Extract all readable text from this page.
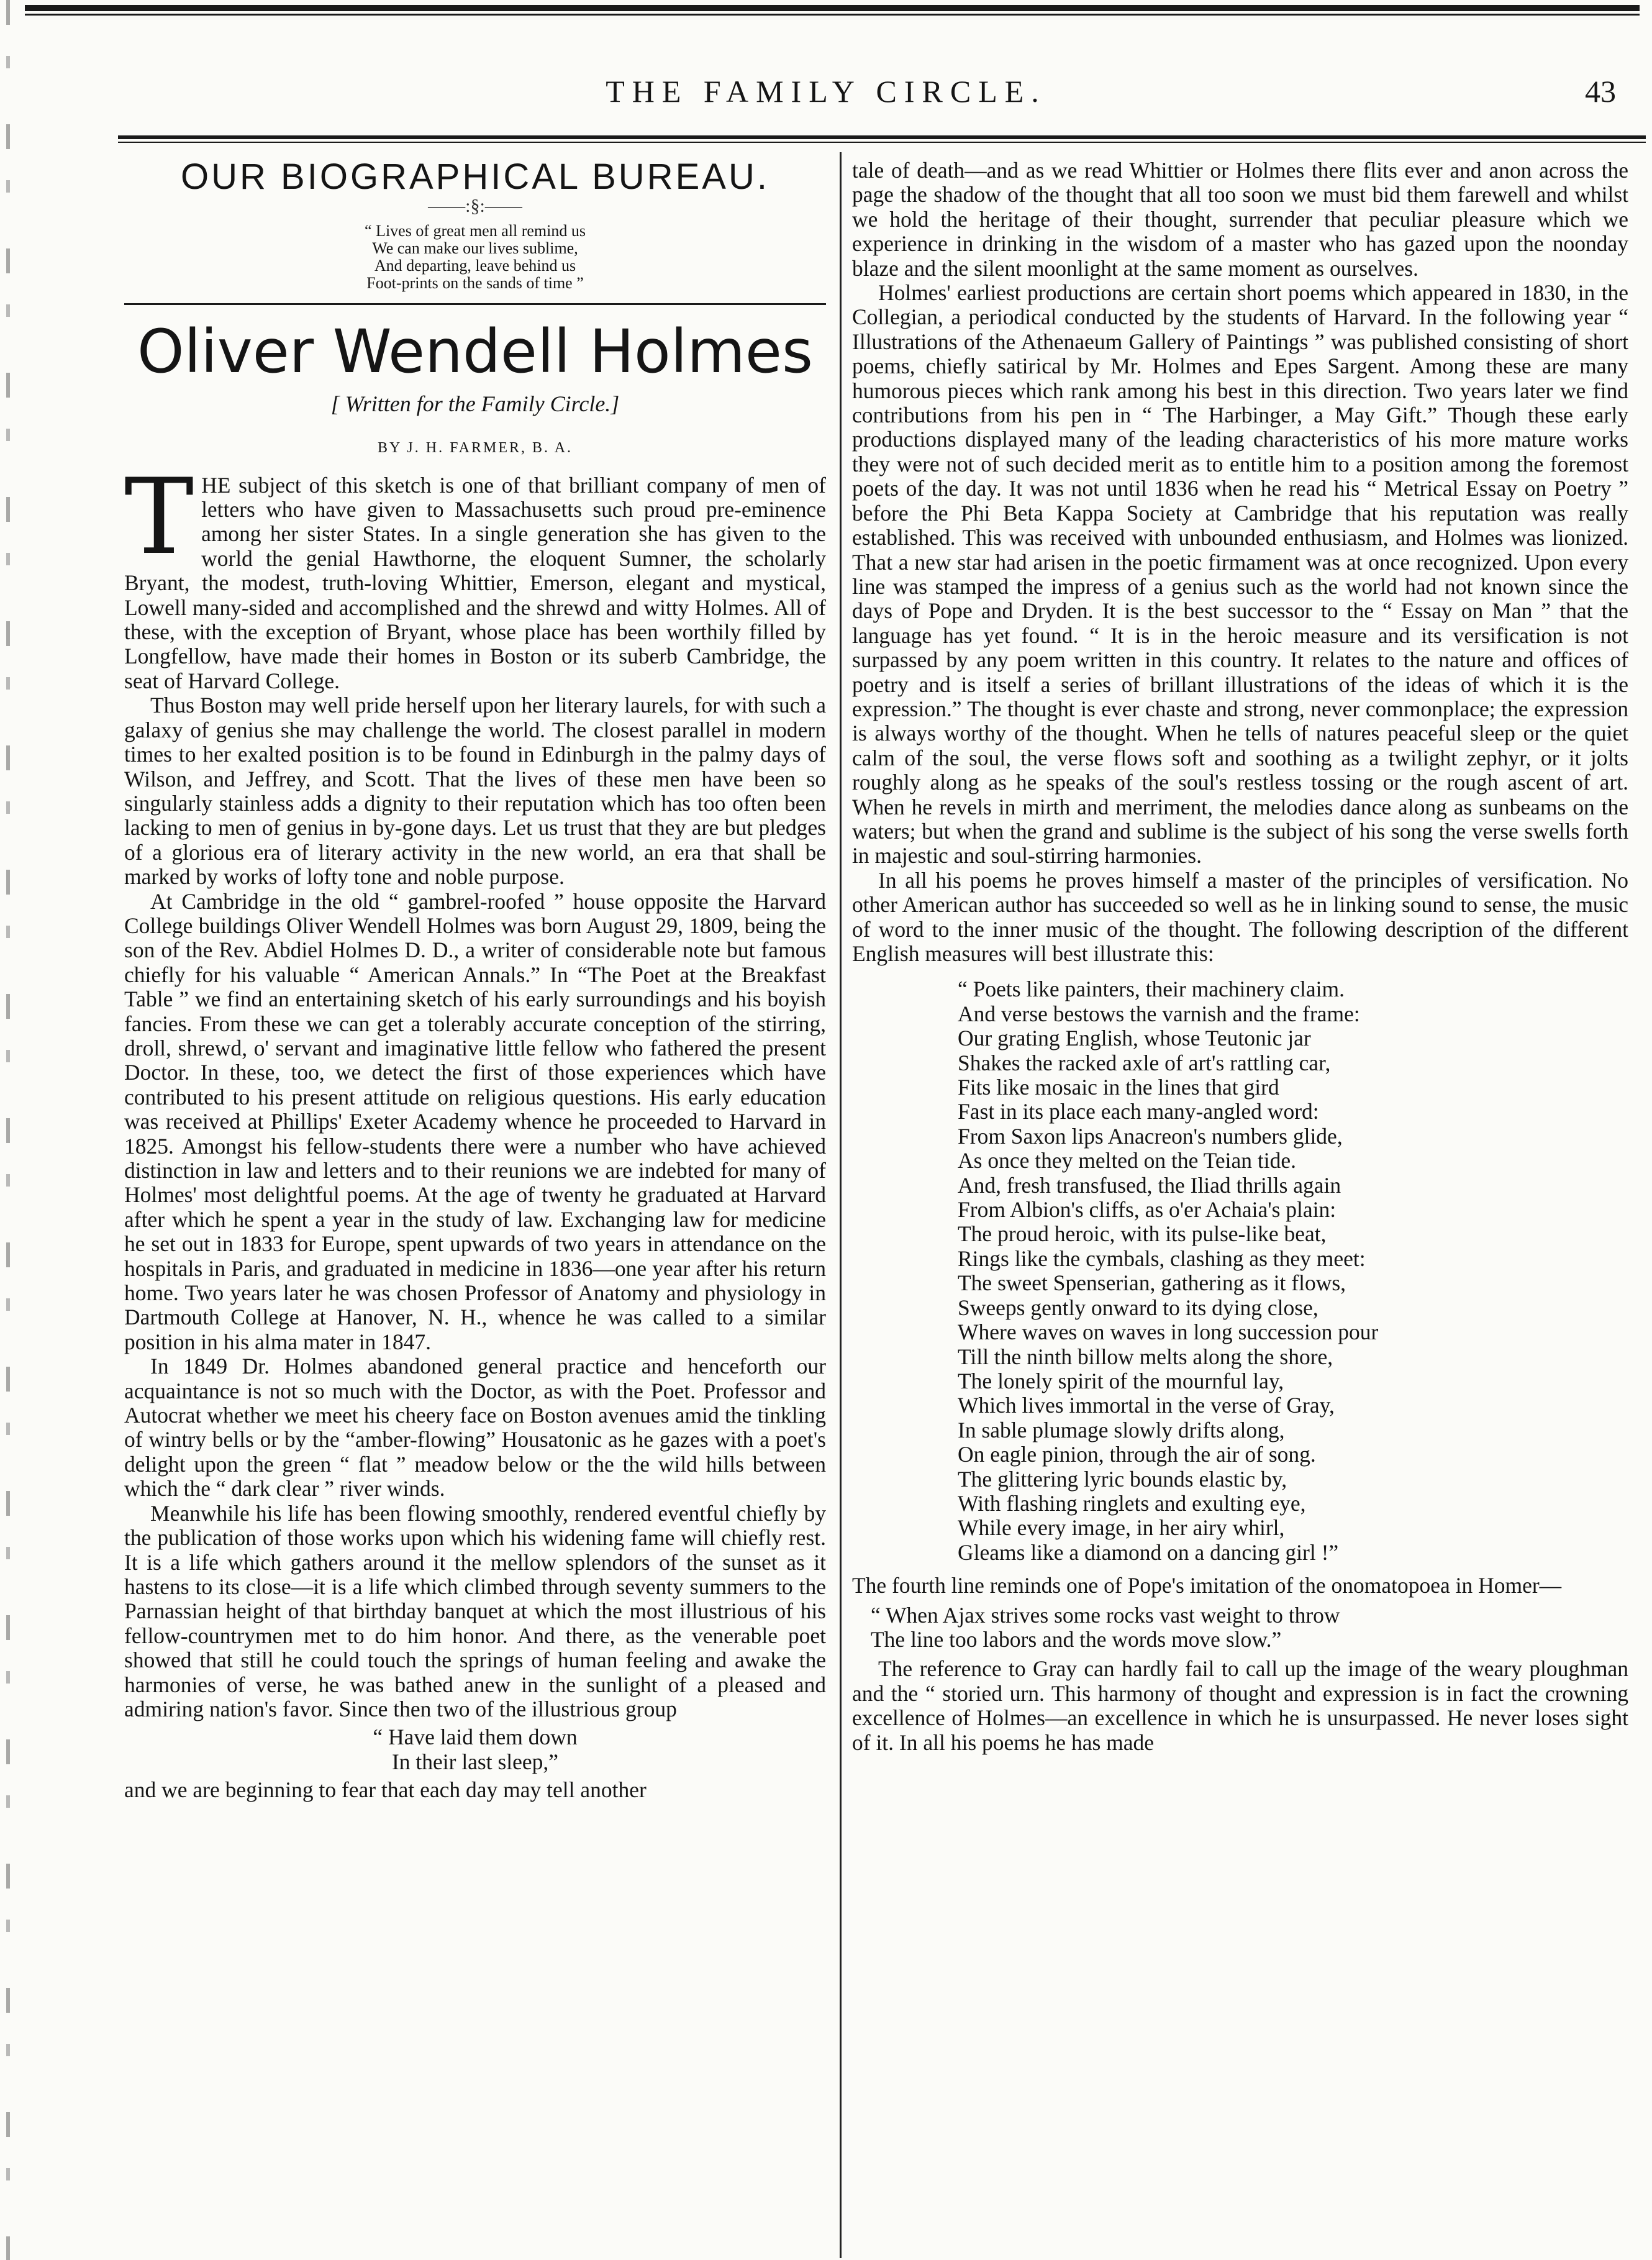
THE FAMILY CIRCLE.	43
OUR BIOGRAPHICAL BUREAU.
——:§:——
“ Lives of great men all remind us
We can make our lives sublime,
And departing, leave behind us
Foot-prints on the sands of time ”
Oliver Wendell Holmes
[ Written for the Family Circle.]
BY J. H. FARMER, B. A.

THE subject of this sketch is one of that brilliant company of men of letters who have given to Massachusetts such proud pre-eminence among her sister States. In a single generation she has given to the world the genial Hawthorne, the eloquent Sumner, the scholarly Bryant, the modest, truth-loving Whittier, Emerson, elegant and mystical, Lowell many-sided and accomplished and the shrewd and witty Holmes. All of these, with the exception of Bryant, whose place has been worthily filled by Longfellow, have made their homes in Boston or its suberb Cambridge, the seat of Harvard College.

Thus Boston may well pride herself upon her literary laurels, for with such a galaxy of genius she may challenge the world. The closest parallel in modern times to her exalted position is to be found in Edinburgh in the palmy days of Wilson, and Jeffrey, and Scott. That the lives of these men have been so singularly stainless adds a dignity to their reputation which has too often been lacking to men of genius in by-gone days. Let us trust that they are but pledges of a glorious era of literary activity in the new world, an era that shall be marked by works of lofty tone and noble purpose.

At Cambridge in the old “ gambrel-roofed ” house opposite the Harvard College buildings Oliver Wendell Holmes was born August 29, 1809, being the son of the Rev. Abdiel Holmes D. D., a writer of considerable note but famous chiefly for his valuable “ American Annals.” In “The Poet at the Breakfast Table ” we find an entertaining sketch of his early surroundings and his boyish fancies. From these we can get a tolerably accurate conception of the stirring, droll, shrewd, o' servant and imaginative little fellow who fathered the present Doctor. In these, too, we detect the first of those experiences which have contributed to his present attitude on religious questions. His early education was received at Phillips' Exeter Academy whence he proceeded to Harvard in 1825. Amongst his fellow-students there were a number who have achieved distinction in law and letters and to their reunions we are indebted for many of Holmes' most delightful poems. At the age of twenty he graduated at Harvard after which he spent a year in the study of law. Exchanging law for medicine he set out in 1833 for Europe, spent upwards of two years in attendance on the hospitals in Paris, and graduated in medicine in 1836—one year after his return home. Two years later he was chosen Professor of Anatomy and physiology in Dartmouth College at Hanover, N. H., whence he was called to a similar position in his alma mater in 1847.

In 1849 Dr. Holmes abandoned general practice and henceforth our acquaintance is not so much with the Doctor, as with the Poet. Professor and Autocrat whether we meet his cheery face on Boston avenues amid the tinkling of wintry bells or by the “amber-flowing” Housatonic as he gazes with a poet's delight upon the green “ flat ” meadow below or the the wild hills between which the “ dark clear ” river winds.

Meanwhile his life has been flowing smoothly, rendered eventful chiefly by the publication of those works upon which his widening fame will chiefly rest. It is a life which gathers around it the mellow splendors of the sunset as it hastens to its close—it is a life which climbed through seventy summers to the Parnassian height of that birthday banquet at which the most illustrious of his fellow-countrymen met to do him honor. And there, as the venerable poet showed that still he could touch the springs of human feeling and awake the harmonies of verse, he was bathed anew in the sunlight of a pleased and admiring nation's favor. Since then two of the illustrious group

“ Have laid them down
In their last sleep,”

and we are beginning to fear that each day may tell another

tale of death—and as we read Whittier or Holmes there flits ever and anon across the page the shadow of the thought that all too soon we must bid them farewell and whilst we hold the heritage of their thought, surrender that peculiar pleasure which we experience in drinking in the wisdom of a master who has gazed upon the noonday blaze and the silent moonlight at the same moment as ourselves.

Holmes' earliest productions are certain short poems which appeared in 1830, in the Collegian, a periodical conducted by the students of Harvard. In the following year “ Illustrations of the Athenaeum Gallery of Paintings ” was published consisting of short poems, chiefly satirical by Mr. Holmes and Epes Sargent. Among these are many humorous pieces which rank among his best in this direction. Two years later we find contributions from his pen in “ The Harbinger, a May Gift.” Though these early productions displayed many of the leading characteristics of his more mature works they were not of such decided merit as to entitle him to a position among the foremost poets of the day. It was not until 1836 when he read his “ Metrical Essay on Poetry ” before the Phi Beta Kappa Society at Cambridge that his reputation was really established. This was received with unbounded enthusiasm, and Holmes was lionized. That a new star had arisen in the poetic firmament was at once recognized. Upon every line was stamped the impress of a genius such as the world had not known since the days of Pope and Dryden. It is the best successor to the “ Essay on Man ” that the language has yet found. “ It is in the heroic measure and its versification is not surpassed by any poem written in this country. It relates to the nature and offices of poetry and is itself a series of brillant illustrations of the ideas of which it is the expression.” The thought is ever chaste and strong, never commonplace; the expression is always worthy of the thought. When he tells of natures peaceful sleep or the quiet calm of the soul, the verse flows soft and soothing as a twilight zephyr, or it jolts roughly along as he speaks of the soul's restless tossing or the rough ascent of art. When he revels in mirth and merriment, the melodies dance along as sunbeams on the waters; but when the grand and sublime is the subject of his song the verse swells forth in majestic and soul-stirring harmonies.

In all his poems he proves himself a master of the principles of versification. No other American author has succeeded so well as he in linking sound to sense, the music of word to the inner music of the thought. The following description of the different English measures will best illustrate this:

“ Poets like painters, their machinery claim.
And verse bestows the varnish and the frame:
Our grating English, whose Teutonic jar
Shakes the racked axle of art's rattling car,
Fits like mosaic in the lines that gird
Fast in its place each many-angled word:
From Saxon lips Anacreon's numbers glide,
As once they melted on the Teian tide.
And, fresh transfused, the Iliad thrills again
From Albion's cliffs, as o'er Achaia's plain:
The proud heroic, with its pulse-like beat,
Rings like the cymbals, clashing as they meet:
The sweet Spenserian, gathering as it flows,
Sweeps gently onward to its dying close,
Where waves on waves in long succession pour
Till the ninth billow melts along the shore,
The lonely spirit of the mournful lay,
Which lives immortal in the verse of Gray,
In sable plumage slowly drifts along,
On eagle pinion, through the air of song.
The glittering lyric bounds elastic by,
With flashing ringlets and exulting eye,
While every image, in her airy whirl,
Gleams like a diamond on a dancing girl !”

The fourth line reminds one of Pope's imitation of the onomatopoea in Homer—

“ When Ajax strives some rocks vast weight to throw
The line too labors and the words move slow.”

The reference to Gray can hardly fail to call up the image of the weary ploughman and the “ storied urn. This harmony of thought and expression is in fact the crowning excellence of Holmes—an excellence in which he is unsurpassed. He never loses sight of it. In all his poems he has made
